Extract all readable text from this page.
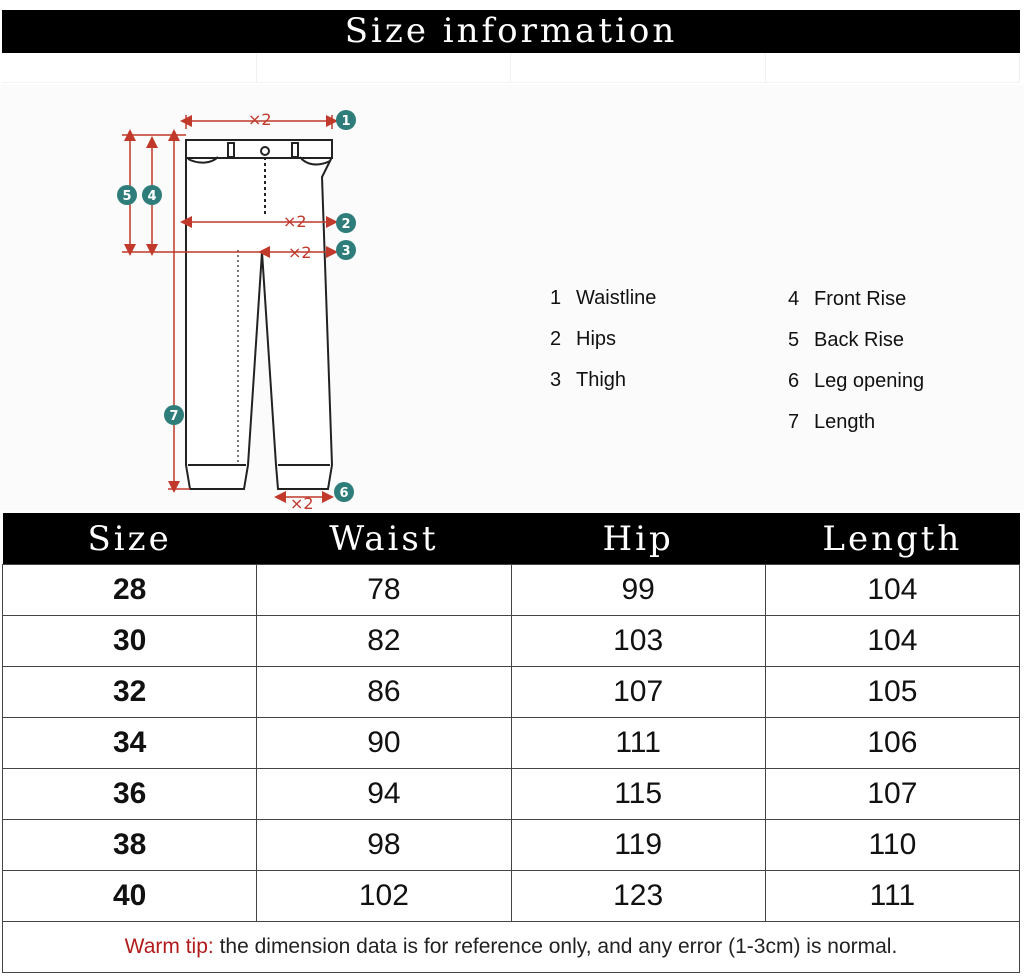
Size information
×2
×2
×2
×2
1
2
3
4
5
6
7
1 Waistline
2 Hips
3 Thigh
4 Front Rise
5 Back Rise
6 Leg opening
7 Length
Size	Waist	Hip	Length
28	78	99	104
30	82	103	104
32	86	107	105
34	90	111	106
36	94	115	107
38	98	119	110
40	102	123	111
Warm tip: the dimension data is for reference only, and any error (1-3cm) is normal.
